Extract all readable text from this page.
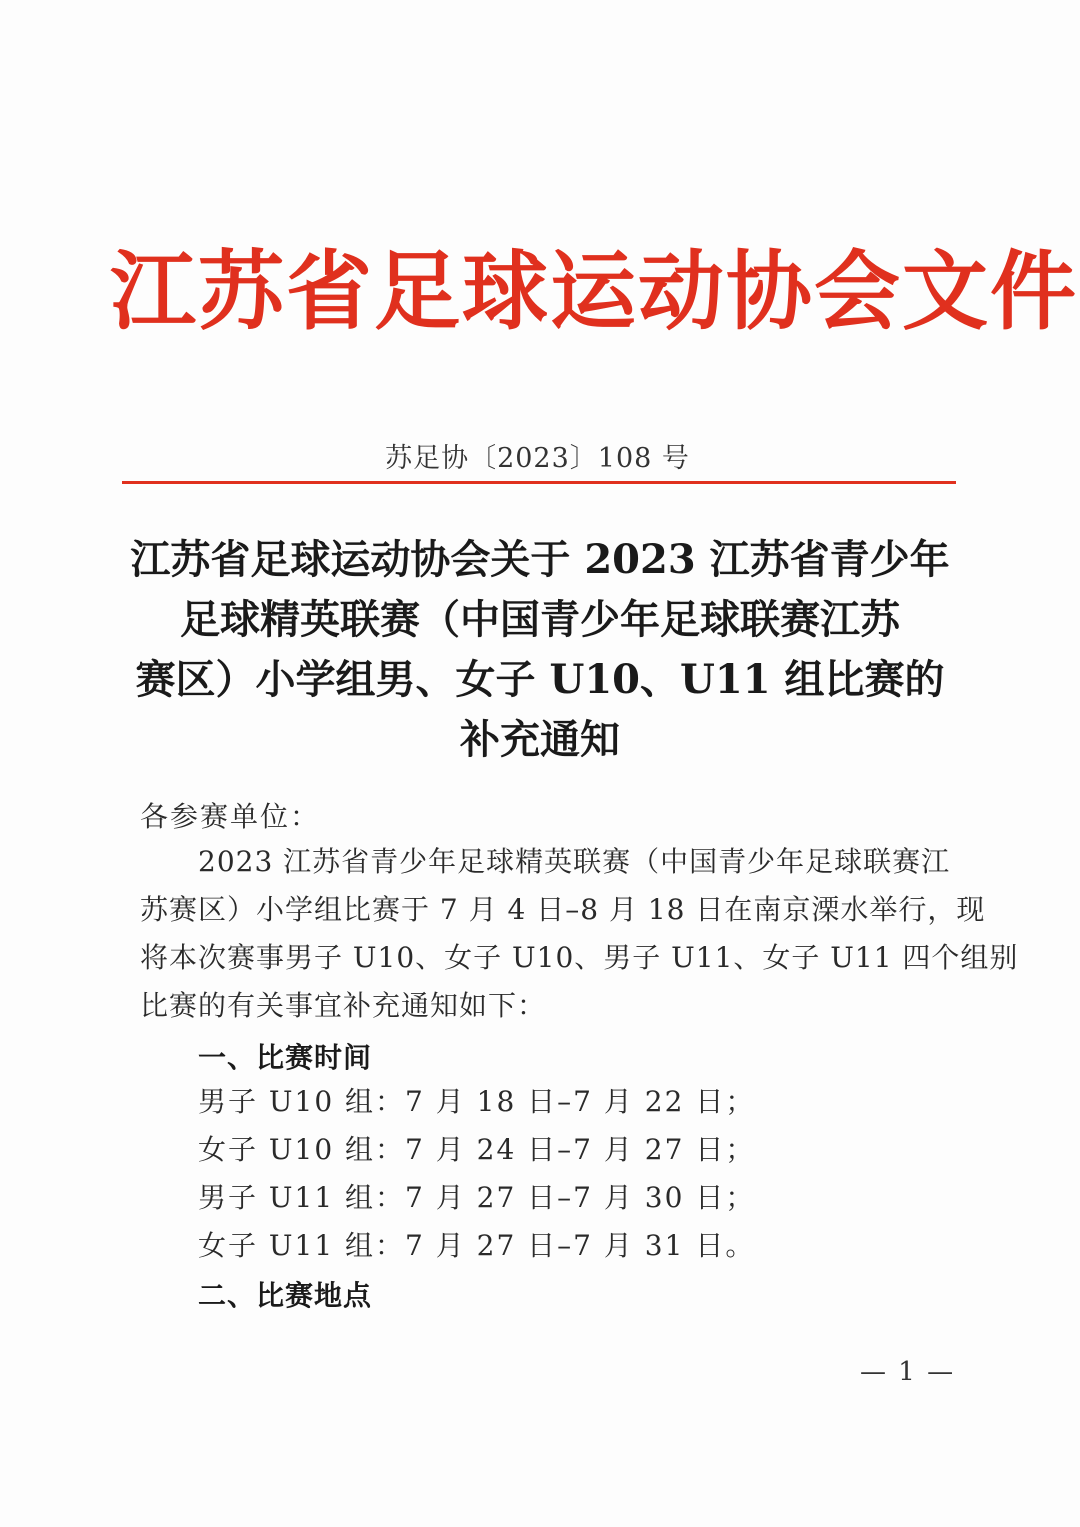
江苏省足球运动协会文件
苏足协〔2023〕108 号
江苏省足球运动协会关于 2023 江苏省青少年
足球精英联赛（中国青少年足球联赛江苏
赛区）小学组男、女子 U10、U11 组比赛的
补充通知
各参赛单位：
2023 江苏省青少年足球精英联赛（中国青少年足球联赛江
苏赛区）小学组比赛于 7 月 4 日–8 月 18 日在南京溧水举行，现
将本次赛事男子 U10、女子 U10、男子 U11、女子 U11 四个组别
比赛的有关事宜补充通知如下：
一、比赛时间
男子 U10 组：7 月 18 日–7 月 22 日；
女子 U10 组：7 月 24 日–7 月 27 日；
男子 U11 组：7 月 27 日–7 月 30 日；
女子 U11 组：7 月 27 日–7 月 31 日。
二、比赛地点
— 1 —
